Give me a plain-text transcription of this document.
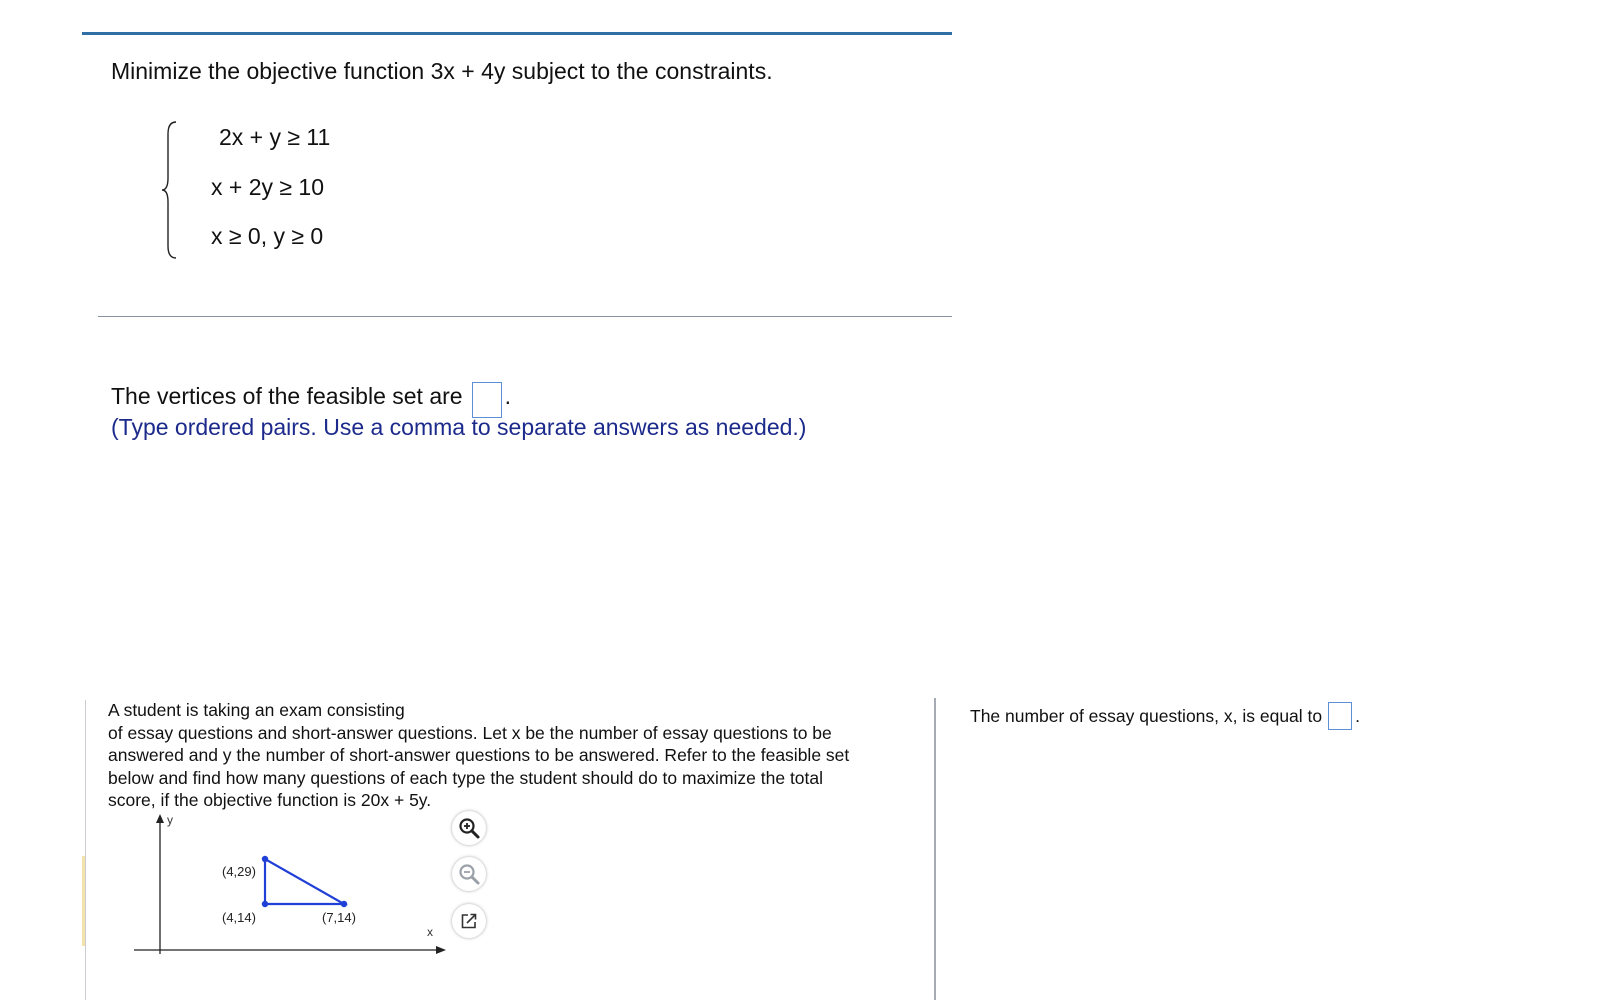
Minimize the objective function 3x + 4y subject to the constraints.
2x + y ≥ 11
x + 2y ≥ 10
x ≥ 0, y ≥ 0
The vertices of the feasible set are .
(Type ordered pairs. Use a comma to separate answers as needed.)
A student is taking an exam consisting
of essay questions and short-answer questions. Let x be the number of essay questions to be
answered and y the number of short-answer questions to be answered. Refer to the feasible set
below and find how many questions of each type the student should do to maximize the total
score, if the objective function is 20x + 5y.
y
x
(4,29)
(4,14)	(7,14)
The number of essay questions, x, is equal to .
